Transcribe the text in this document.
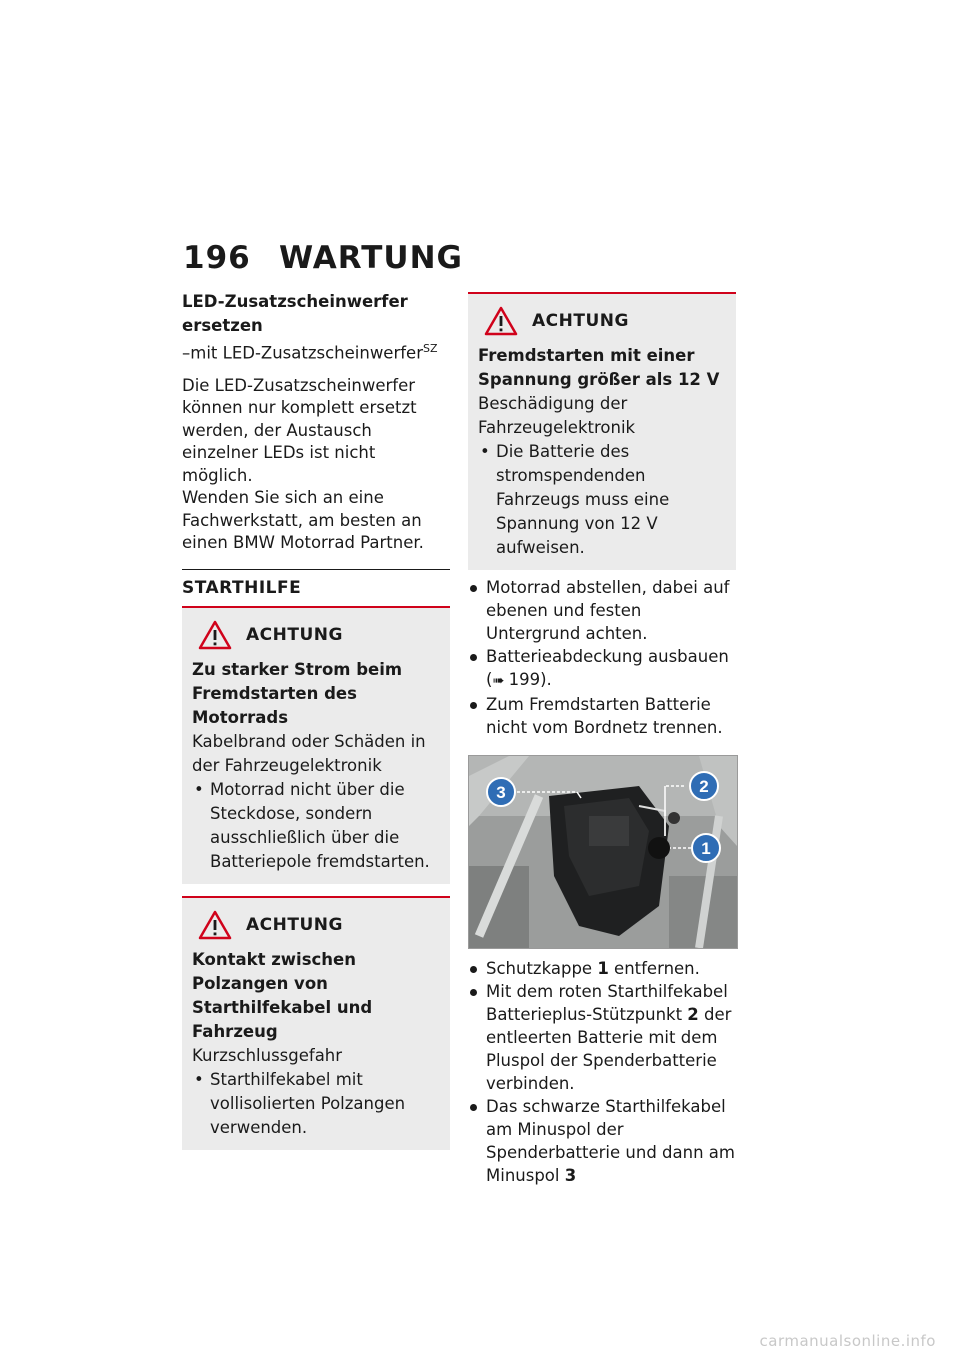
196 WARTUNG

LED-Zusatzscheinwerfer
ersetzen

–mit LED-Zusatzscheinwerfer$^{SZ}$

Die LED-Zusatzscheinwerfer können nur komplett ersetzt werden, der Austausch einzelner LEDs ist nicht möglich.

Wenden Sie sich an eine Fachwerkstatt, am besten an einen BMW Motorrad Partner.

STARTHILFE
ACHTUNG

Zu starker Strom beim Fremdstarten des Motorrads

Kabelbrand oder Schäden in der Fahrzeugelektronik

• Motorrad nicht über die Steckdose, sondern ausschließlich über die Batteriepole fremdstarten.
ACHTUNG

Kontakt zwischen Polzangen von Starthilfekabel und Fahrzeug

Kurzschlussgefahr

• Starthilfekabel mit vollisolierten Polzangen verwenden.
ACHTUNG

Fremdstarten mit einer Spannung größer als 12 V

Beschädigung der Fahrzeugelektronik

• Die Batterie des stromspendenden Fahrzeugs muss eine Spannung von 12 V aufweisen.

Motorrad abstellen, dabei auf ebenen und festen Untergrund achten.

Batterieabdeckung ausbauen (➠ 199).

Zum Fremdstarten Batterie nicht vom Bordnetz trennen.

3	2
1

Schutzkappe 1 entfernen.

Mit dem roten Starthilfekabel Batterieplus-Stützpunkt 2 der entleerten Batterie mit dem Pluspol der Spenderbatterie verbinden.

Das schwarze Starthilfekabel am Minuspol der Spenderbatterie und dann am Minuspol 3

carmanualsonline.info
